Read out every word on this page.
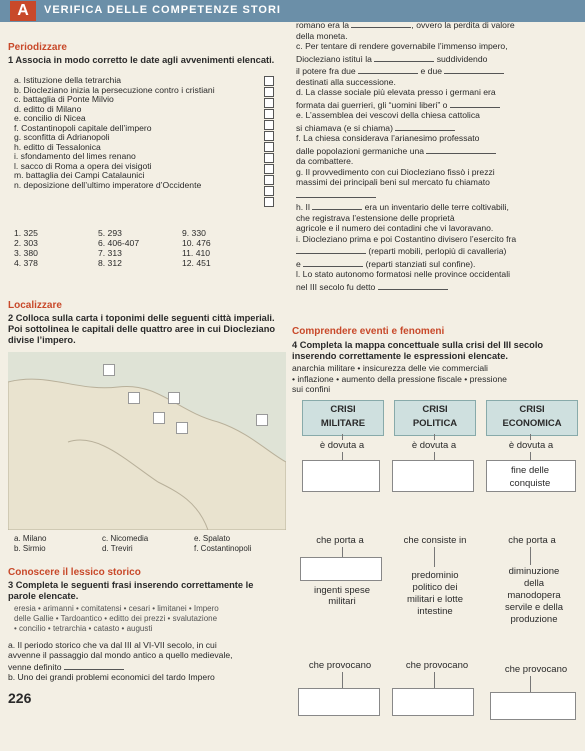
A	VERIFICA DELLE COMPETENZE STORI
Periodizzare
1 Associa in modo corretto le date agli avvenimenti elencati.
a. Istituzione della tetrarchia
b. Diocleziano inizia la persecuzione contro i cristiani
c. battaglia di Ponte Milvio
d. editto di Milano
e. concilio di Nicea
f. Costantinopoli capitale dell’impero
g. sconfitta di Adrianopoli
h. editto di Tessalonica
i. sfondamento del limes renano
l. sacco di Roma a opera dei visigoti
m. battaglia dei Campi Catalaunici
n. deposizione dell’ultimo imperatore d’Occidente
1. 325	5. 293	9. 330
2. 303	6. 406-407	10. 476
3. 380	7. 313	11. 410
4. 378	8. 312	12. 451
Localizzare
2 Colloca sulla carta i toponimi delle seguenti città imperiali. Poi sottolinea le capitali delle quattro aree in cui Diocleziano divise l’impero.
a. Milano	c. Nicomedia	e. Spalato
b. Sirmio	d. Treviri	f. Costantinopoli
Conoscere il lessico storico
3 Completa le seguenti frasi inserendo correttamente le parole elencate.
eresia • arimanni • comitatensi • cesari • limitanei • Impero
delle Gallie • Tardoantico • editto dei prezzi • svalutazione
• concilio • tetrarchia • catasto • augusti
a. Il periodo storico che va dal III al VI-VII secolo, in cui
avvenne il passaggio dal mondo antico a quello medievale,
venne definito
b. Uno dei grandi problemi economici del tardo Impero
226
romano era la	, ovvero la perdita di valore
della moneta.
c. Per tentare di rendere governabile l’immenso impero,
Diocleziano istituì la	suddividendo
il potere fra due	e due
destinati alla successione.
d. La classe sociale più elevata presso i germani era
formata dai guerrieri, gli “uomini liberi” o
e. L’assemblea dei vescovi della chiesa cattolica
si chiamava (e si chiama)
f. La chiesa considerava l’arianesimo professato
dalle popolazioni germaniche una
da combattere.
g. Il provvedimento con cui Diocleziano fissò i prezzi
massimi dei principali beni sul mercato fu chiamato
h. Il	era un inventario delle terre coltivabili,
che registrava l’estensione delle proprietà
agricole e il numero dei contadini che vi lavoravano.
i. Diocleziano prima e poi Costantino divisero l’esercito fra
(reparti mobili, perlopiù di cavalleria)
e	(reparti stanziati sul confine).
l. Lo stato autonomo formatosi nelle province occidentali
nel III secolo fu detto
Comprendere eventi e fenomeni
4 Completa la mappa concettuale sulla crisi del III secolo
inserendo correttamente le espressioni elencate.
anarchia militare • insicurezza delle vie commerciali
• inflazione • aumento della pressione fiscale • pressione
sui confini
CRISI
MILITARE
CRISI
POLITICA
CRISI
ECONOMICA
è dovuta a	è dovuta a	è dovuta a
fine delle
conquiste
che porta a	che consiste in	che porta a
ingenti spese
militari
predominio
politico dei
militari e lotte
intestine
diminuzione
della
manodopera
servile e della
produzione
che provocano	che provocano	che provocano
